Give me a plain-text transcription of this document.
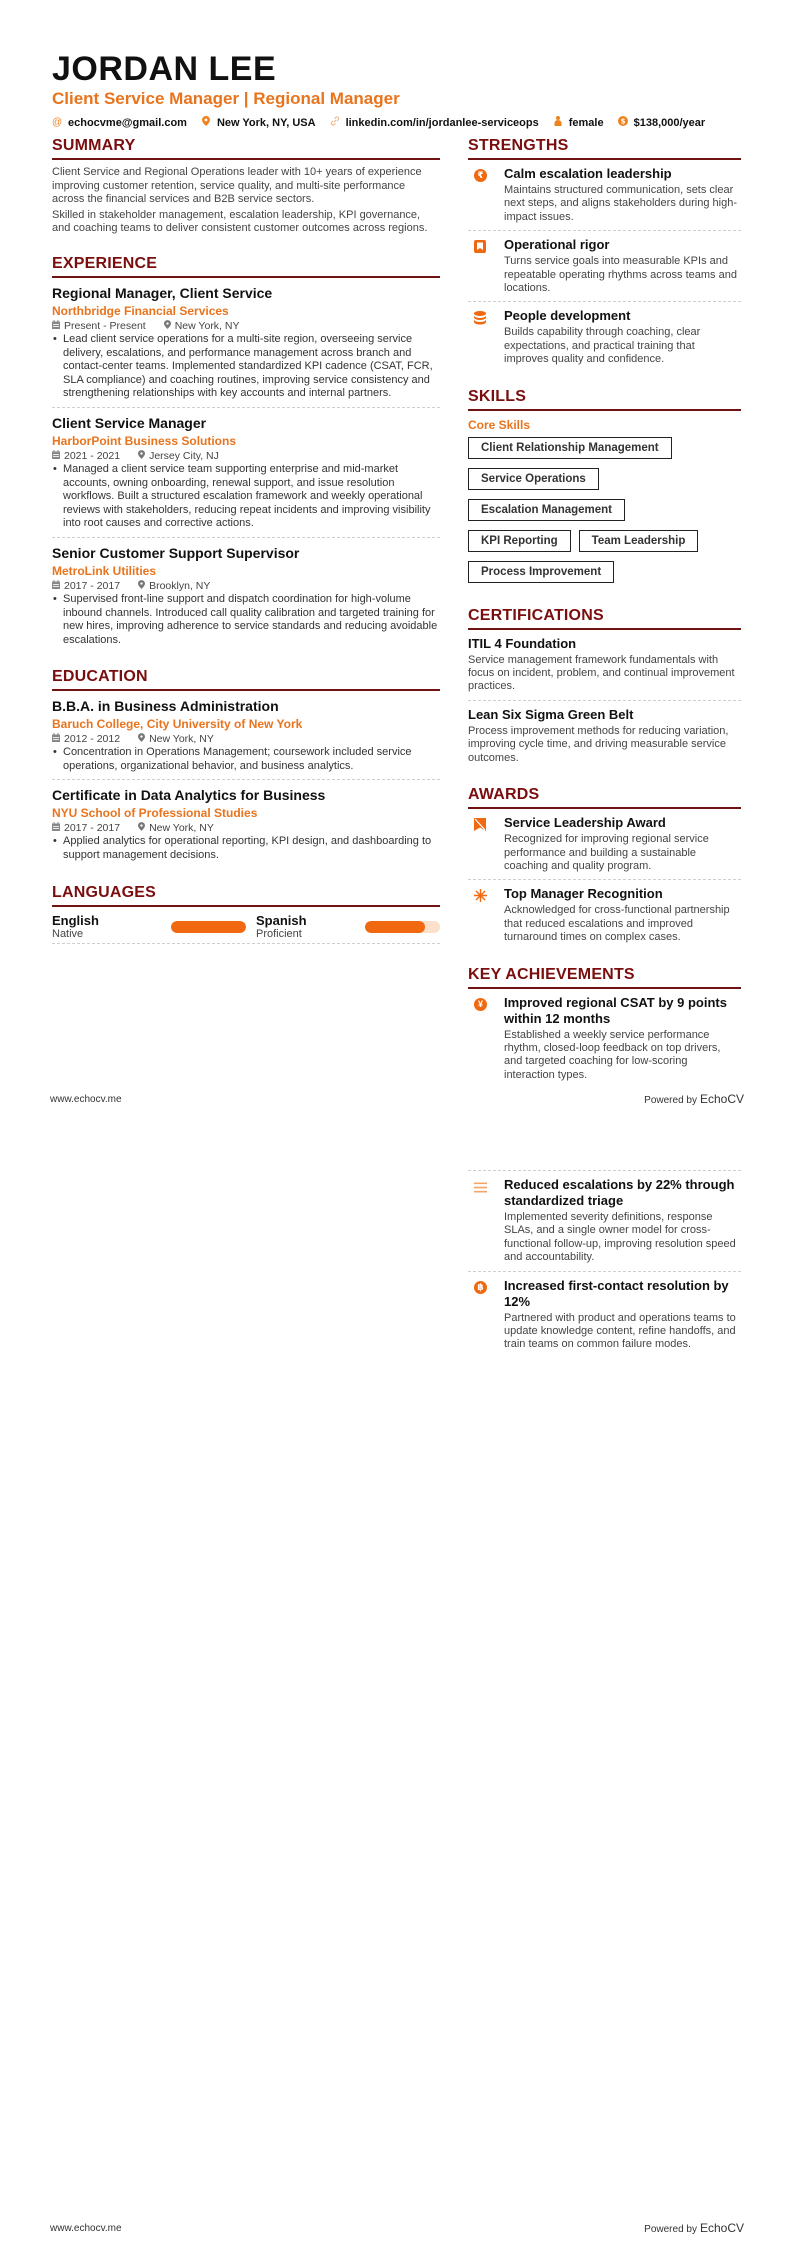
JORDAN LEE
Client Service Manager | Regional Manager
@ echocvme@gmail.com	New York, NY, USA	linkedin.com/in/jordanlee-serviceops	female $ $138,000/year
SUMMARY

Client Service and Regional Operations leader with 10+ years of experience improving customer retention, service quality, and multi-site performance across the financial services and B2B service sectors.

Skilled in stakeholder management, escalation leadership, KPI governance, and coaching teams to deliver consistent customer outcomes across regions.

EXPERIENCE
Regional Manager, Client Service
Northbridge Financial Services
Present - Present	New York, NY
• Lead client service operations for a multi-site region, overseeing service delivery, escalations, and performance management across branch and contact-center teams. Implemented standardized KPI cadence (CSAT, FCR, SLA compliance) and coaching routines, improving service consistency and strengthening relationships with key accounts and internal partners.
Client Service Manager
HarborPoint Business Solutions
2021 - 2021	Jersey City, NJ
• Managed a client service team supporting enterprise and mid-market accounts, owning onboarding, renewal support, and issue resolution workflows. Built a structured escalation framework and weekly operational reviews with stakeholders, reducing repeat incidents and improving visibility into root causes and corrective actions.
Senior Customer Support Supervisor
MetroLink Utilities
2017 - 2017	Brooklyn, NY
• Supervised front-line support and dispatch coordination for high-volume inbound channels. Introduced call quality calibration and targeted training for new hires, improving adherence to service standards and reducing avoidable escalations.
EDUCATION
B.B.A. in Business Administration
Baruch College, City University of New York
2012 - 2012	New York, NY
• Concentration in Operations Management; coursework included service operations, organizational behavior, and business analytics.
Certificate in Data Analytics for Business
NYU School of Professional Studies
2017 - 2017	New York, NY
• Applied analytics for operational reporting, KPI design, and dashboarding to support management decisions.
LANGUAGES
English
Native
Spanish
Proficient
STRENGTHS
₹ Calm escalation leadership
Maintains structured communication, sets clear next steps, and aligns stakeholders during high-impact issues.
Operational rigor
Turns service goals into measurable KPIs and repeatable operating rhythms across teams and locations.
People development
Builds capability through coaching, clear expectations, and practical training that improves quality and confidence.
SKILLS
Core Skills
Client Relationship Management
Service Operations
Escalation Management
KPI Reporting	Team Leadership
Process Improvement
CERTIFICATIONS
ITIL 4 Foundation
Service management framework fundamentals with focus on incident, problem, and continual improvement practices.
Lean Six Sigma Green Belt
Process improvement methods for reducing variation, improving cycle time, and driving measurable service outcomes.
AWARDS
Service Leadership Award
Recognized for improving regional service performance and building a sustainable coaching and quality program.
Top Manager Recognition
Acknowledged for cross-functional partnership that reduced escalations and improved turnaround times on complex cases.
KEY ACHIEVEMENTS
¥	Improved regional CSAT by 9 points within 12 months
Established a weekly service performance rhythm, closed-loop feedback on top drivers, and targeted coaching for low-scoring interaction types.
www.echocv.me	Powered by EchoCV
Reduced escalations by 22% through standardized triage
Implemented severity definitions, response SLAs, and a single owner model for cross-functional follow-up, improving resolution speed and accountability.
฿ Increased first-contact resolution by 12%
Partnered with product and operations teams to update knowledge content, refine handoffs, and train teams on common failure modes.
www.echocv.me	Powered by EchoCV
